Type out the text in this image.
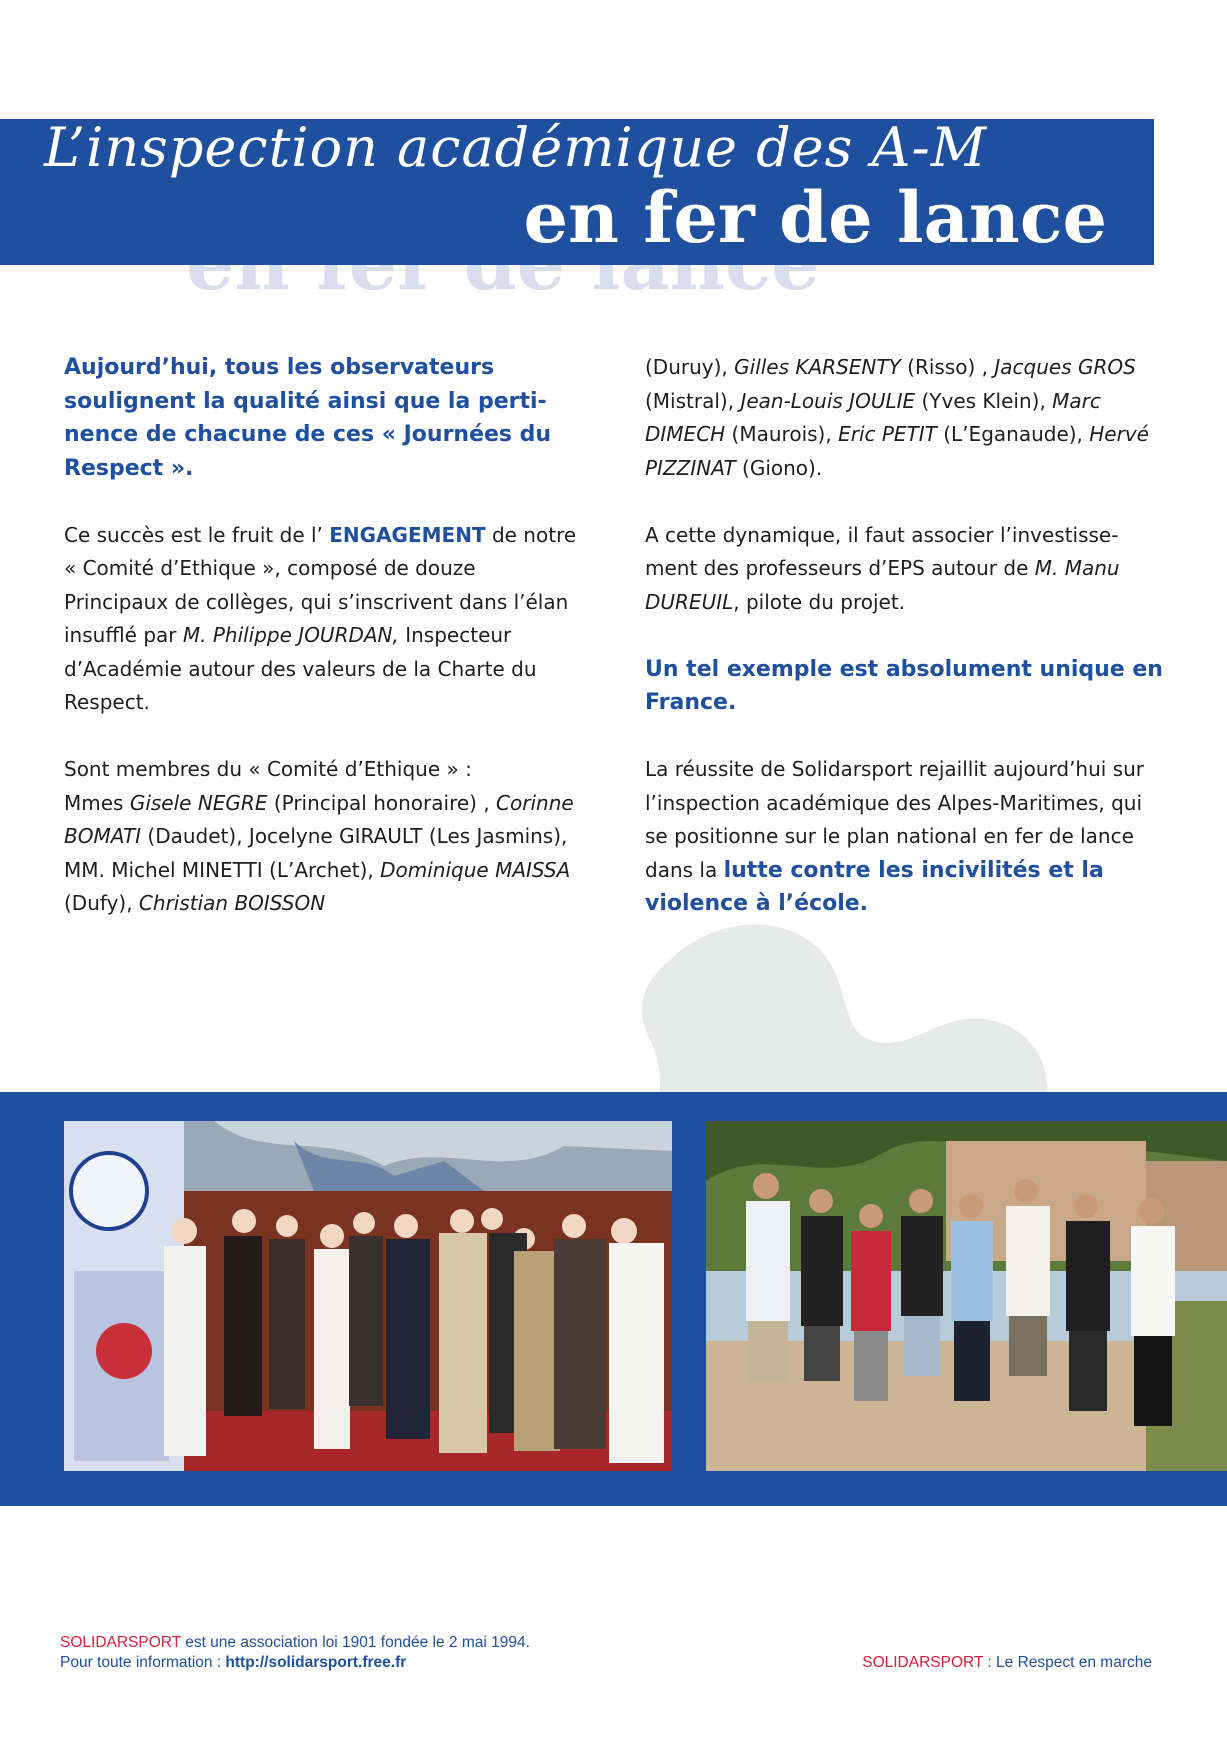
L’inspection académique des A-M
en fer de lance

Aujourd’hui, tous les observateurs soulignent la qualité ainsi que la perti-nence de chacune de ces « Journées du Respect ».

Ce succès est le fruit de l’ ENGAGEMENT de notre « Comité d’Ethique », composé de douze Principaux de collèges, qui s’inscrivent dans l’élan insufflé par M. Philippe JOURDAN, Inspecteur d’Académie autour des valeurs de la Charte du Respect.

Sont membres du « Comité d’Ethique » :
Mmes Gisele NEGRE (Principal honoraire) , Corinne BOMATI (Daudet), Jocelyne GIRAULT (Les Jasmins), MM. Michel MINETTI (L’Archet), Dominique MAISSA (Dufy), Christian BOISSON

(Duruy), Gilles KARSENTY (Risso) , Jacques GROS (Mistral), Jean-Louis JOULIE (Yves Klein), Marc DIMECH (Maurois), Eric PETIT (L’Eganaude), Hervé PIZZINAT (Giono).

A cette dynamique, il faut associer l’investisse-ment des professeurs d’EPS autour de M. Manu DUREUIL, pilote du projet.

Un tel exemple est absolument unique en France.

La réussite de Solidarsport rejaillit aujourd’hui sur l’inspection académique des Alpes-Maritimes, qui se positionne sur le plan national en fer de lance dans la lutte contre les incivilités et la violence à l’école.

SOLIDARSPORT est une association loi 1901 fondée le 2 mai 1994.
Pour toute information : http://solidarsport.free.fr	SOLIDARSPORT : Le Respect en marche
